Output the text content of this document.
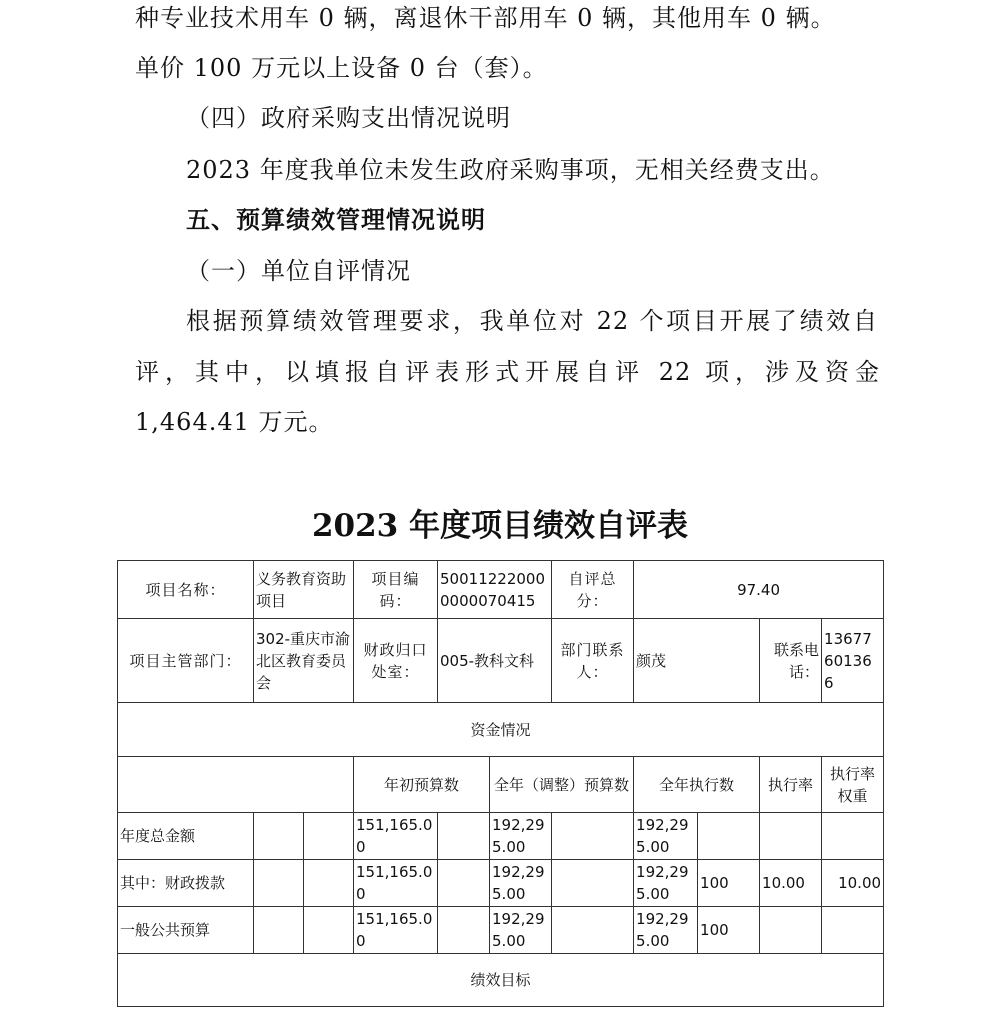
种专业技术用车 0 辆，离退休干部用车 0 辆，其他用车 0 辆。
单价 100 万元以上设备 0 台（套）。
（四）政府采购支出情况说明
2023 年度我单位未发生政府采购事项，无相关经费支出。
五、预算绩效管理情况说明
（一）单位自评情况
根据预算绩效管理要求，我单位对 22 个项目开展了绩效自
评，其中，以填报自评表形式开展自评 22 项，涉及资金
1,464.41 万元。
2023 年度项目绩效自评表
项目名称：	义务教育资助项目		项目编码：	500112220000000070415		自评总分：	97.40			
项目主管部门：	302-重庆市渝北区教育委员会		财政归口处室：	005-教科文科		部门联系人：	颜茂		联系电话：	13677601366
资金情况										
			年初预算数		全年（调整）预算数		全年执行数		执行率	执行率权重
年度总金额			151,165.00		192,295.00		192,295.00			
其中：财政拨款			151,165.00		192,295.00		192,295.00	100	10.00	10.00
一般公共预算			151,165.00		192,295.00		192,295.00	100		
绩效目标										
